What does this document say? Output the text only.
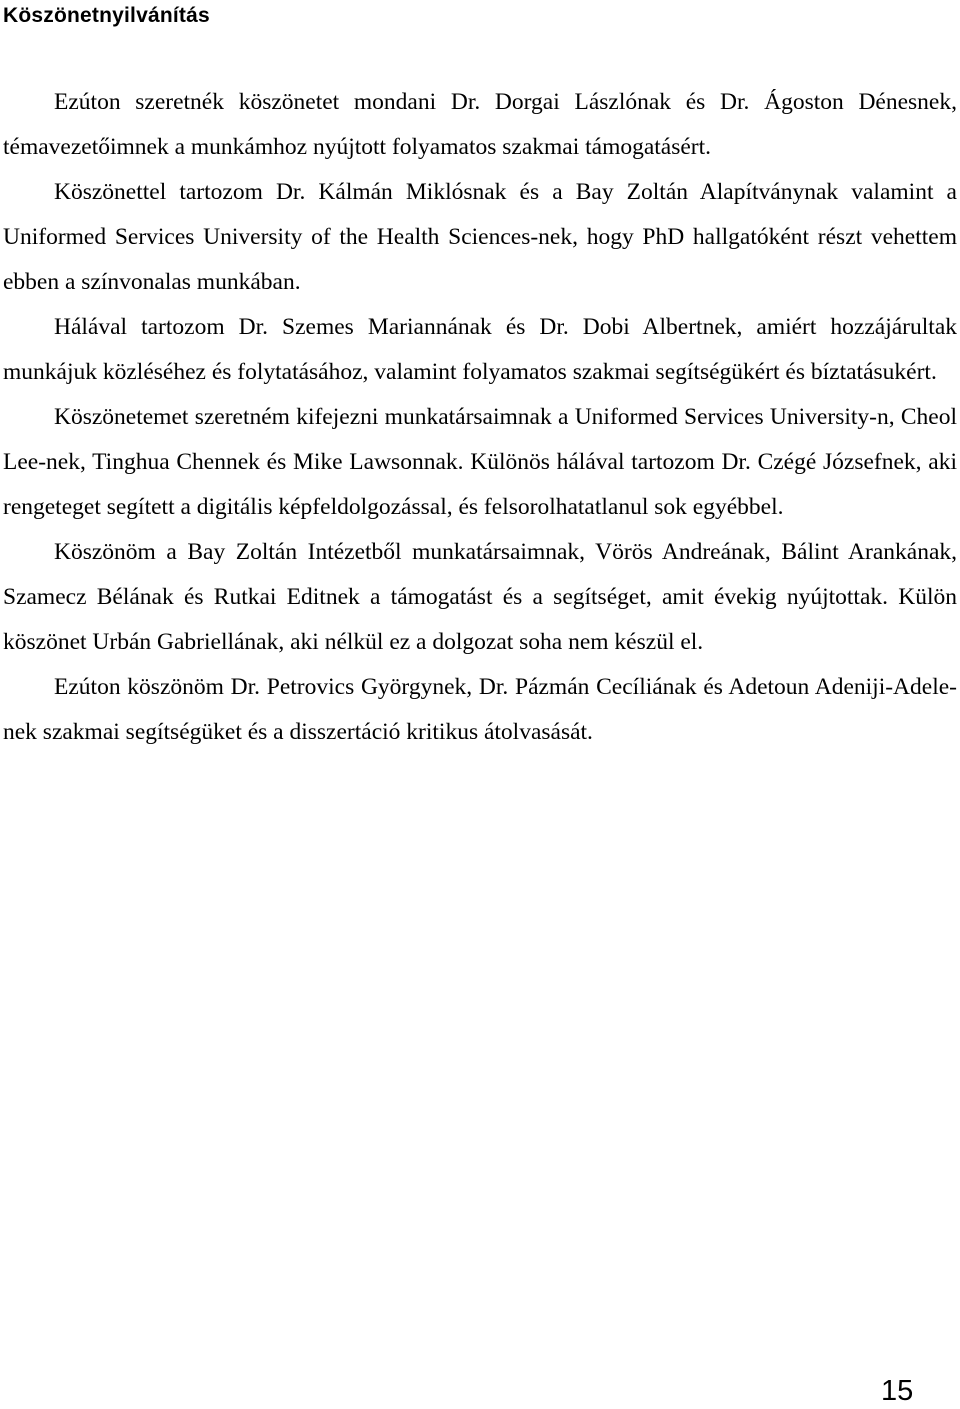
Köszönetnyilvánítás

Ezúton szeretnék köszönetet mondani Dr. Dorgai Lászlónak és Dr. Ágoston Dénesnek, témavezetőimnek a munkámhoz nyújtott folyamatos szakmai támogatásért.

Köszönettel tartozom Dr. Kálmán Miklósnak és a Bay Zoltán Alapítványnak valamint a Uniformed Services University of the Health Sciences-nek, hogy PhD hallgatóként részt vehettem ebben a színvonalas munkában.

Hálával tartozom Dr. Szemes Mariannának és Dr. Dobi Albertnek, amiért hozzájárultak munkájuk közléséhez és folytatásához, valamint folyamatos szakmai segítségükért és bíztatásukért.

Köszönetemet szeretném kifejezni munkatársaimnak a Uniformed Services University-n, Cheol Lee-nek, Tinghua Chennek és Mike Lawsonnak. Különös hálával tartozom Dr. Czégé Józsefnek, aki rengeteget segített a digitális képfeldolgozással, és felsorolhatatlanul sok egyébbel.

Köszönöm a Bay Zoltán Intézetből munkatársaimnak, Vörös Andreának, Bálint Arankának, Szamecz Bélának és Rutkai Editnek a támogatást és a segítséget, amit évekig nyújtottak. Külön köszönet Urbán Gabriellának, aki nélkül ez a dolgozat soha nem készül el.

Ezúton köszönöm Dr. Petrovics Györgynek, Dr. Pázmán Cecíliának és Adetoun Adeniji-Adele-nek szakmai segítségüket és a disszertáció kritikus átolvasását.

15
